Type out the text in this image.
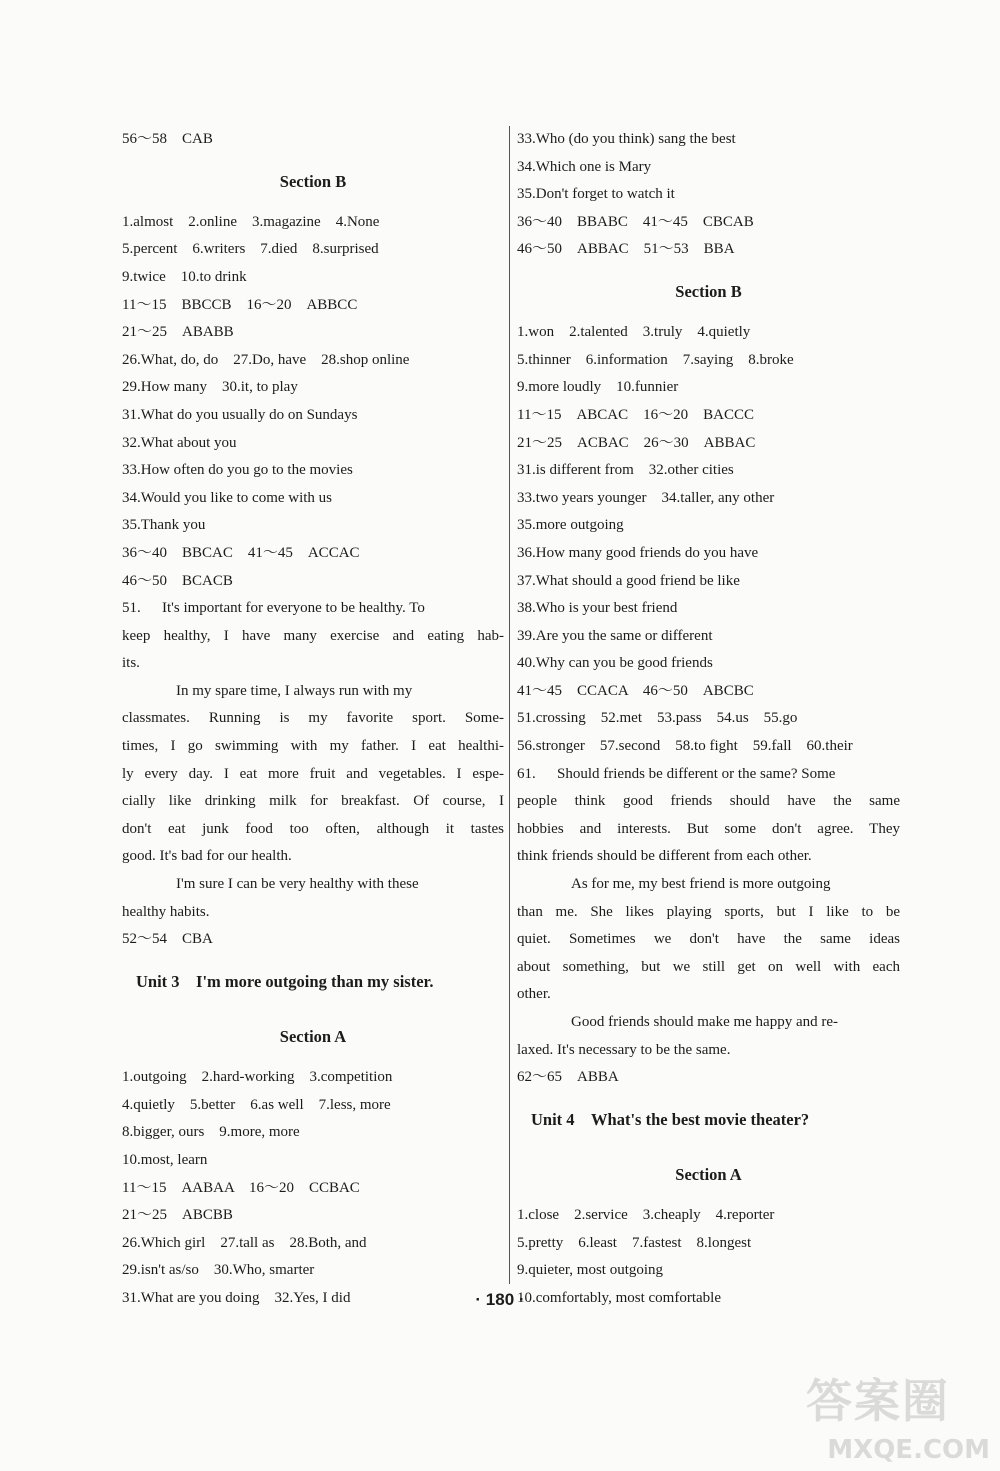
56～58　CAB
Section B
1.almost　2.online　3.magazine　4.None
5.percent　6.writers　7.died　8.surprised
9.twice　10.to drink
11～15　BBCCB　16～20　ABBCC
21～25　ABABB
26.What, do, do　27.Do, have　28.shop online
29.How many　30.it, to play
31.What do you usually do on Sundays
32.What about you
33.How often do you go to the movies
34.Would you like to come with us
35.Thank you
36～40　BBCAC　41～45　ACCAC
46～50　BCACB
51. It's important for everyone to be healthy. To
keep healthy, I have many exercise and eating hab-
its.
In my spare time, I always run with my
classmates. Running is my favorite sport. Some-
times, I go swimming with my father. I eat healthi-
ly every day. I eat more fruit and vegetables. I espe-
cially like drinking milk for breakfast. Of course, I
don't eat junk food too often, although it tastes
good. It's bad for our health.
I'm sure I can be very healthy with these
healthy habits.
52～54　CBA
Unit 3　I'm more outgoing than my sister.
Section A
1.outgoing　2.hard-working　3.competition
4.quietly　5.better　6.as well　7.less, more
8.bigger, ours　9.more, more
10.most, learn
11～15　AABAA　16～20　CCBAC
21～25　ABCBB
26.Which girl　27.tall as　28.Both, and
29.isn't as/so　30.Who, smarter
31.What are you doing　32.Yes, I did
33.Who (do you think) sang the best
34.Which one is Mary
35.Don't forget to watch it
36～40　BBABC　41～45　CBCAB
46～50　ABBAC　51～53　BBA
Section B
1.won　2.talented　3.truly　4.quietly
5.thinner　6.information　7.saying　8.broke
9.more loudly　10.funnier
11～15　ABCAC　16～20　BACCC
21～25　ACBAC　26～30　ABBAC
31.is different from　32.other cities
33.two years younger　34.taller, any other
35.more outgoing
36.How many good friends do you have
37.What should a good friend be like
38.Who is your best friend
39.Are you the same or different
40.Why can you be good friends
41～45　CCACA　46～50　ABCBC
51.crossing　52.met　53.pass　54.us　55.go
56.stronger　57.second　58.to fight　59.fall　60.their
61. Should friends be different or the same? Some
people think good friends should have the same
hobbies and interests. But some don't agree. They
think friends should be different from each other.
As for me, my best friend is more outgoing
than me. She likes playing sports, but I like to be
quiet. Sometimes we don't have the same ideas
about something, but we still get on well with each
other.
Good friends should make me happy and re-
laxed. It's necessary to be the same.
62～65　ABBA
Unit 4　What's the best movie theater?
Section A
1.close　2.service　3.cheaply　4.reporter
5.pretty　6.least　7.fastest　8.longest
9.quieter, most outgoing
10.comfortably, most comfortable
· 180 ·
答案圈
MXQE.COM
